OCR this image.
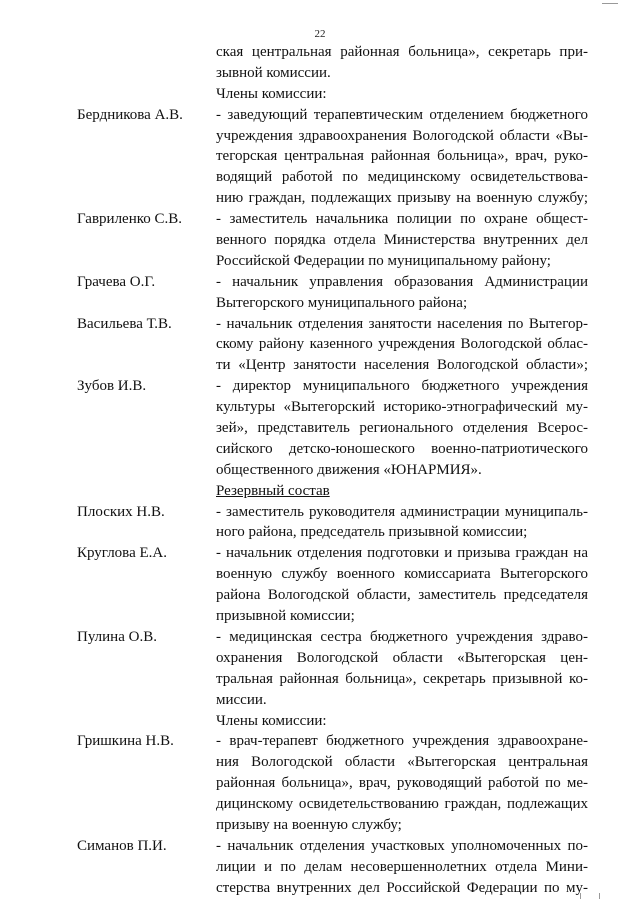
22
ская центральная районная больница», секретарь при-
зывной комиссии.
Члены комиссии:
Бердникова А.В. - заведующий терапевтическим отделением бюджетного
учреждения здравоохранения Вологодской области «Вы-
тегорская центральная районная больница», врач, руко-
водящий работой по медицинскому освидетельствова-
нию граждан, подлежащих призыву на военную службу;
Гавриленко С.В. - заместитель начальника полиции по охране общест-
венного порядка отдела Министерства внутренних дел
Российской Федерации по муниципальному району;
Грачева О.Г.	- начальник управления образования Администрации
Вытегорского муниципального района;
Васильева Т.В.	- начальник отделения занятости населения по Вытегор-
скому району казенного учреждения Вологодской облас-
ти «Центр занятости населения Вологодской области»;
Зубов И.В.	- директор муниципального бюджетного учреждения
культуры «Вытегорский историко-этнографический му-
зей», представитель регионального отделения Всерос-
сийского детско-юношеского военно-патриотического
общественного движения «ЮНАРМИЯ».
Резервный состав
Плоских Н.В.	- заместитель руководителя администрации муниципаль-
ного района, председатель призывной комиссии;
Круглова Е.А.	- начальник отделения подготовки и призыва граждан на
военную службу военного комиссариата Вытегорского
района Вологодской области, заместитель председателя
призывной комиссии;
Пулина О.В.	- медицинская сестра бюджетного учреждения здраво-
охранения Вологодской области «Вытегорская цен-
тральная районная больница», секретарь призывной ко-
миссии.
Члены комиссии:
Гришкина Н.В.	- врач-терапевт бюджетного учреждения здравоохране-
ния Вологодской области «Вытегорская центральная
районная больница», врач, руководящий работой по ме-
дицинскому освидетельствованию граждан, подлежащих
призыву на военную службу;
Симанов П.И.	- начальник отделения участковых уполномоченных по-
лиции и по делам несовершеннолетних отдела Мини-
стерства внутренних дел Российской Федерации по му-
